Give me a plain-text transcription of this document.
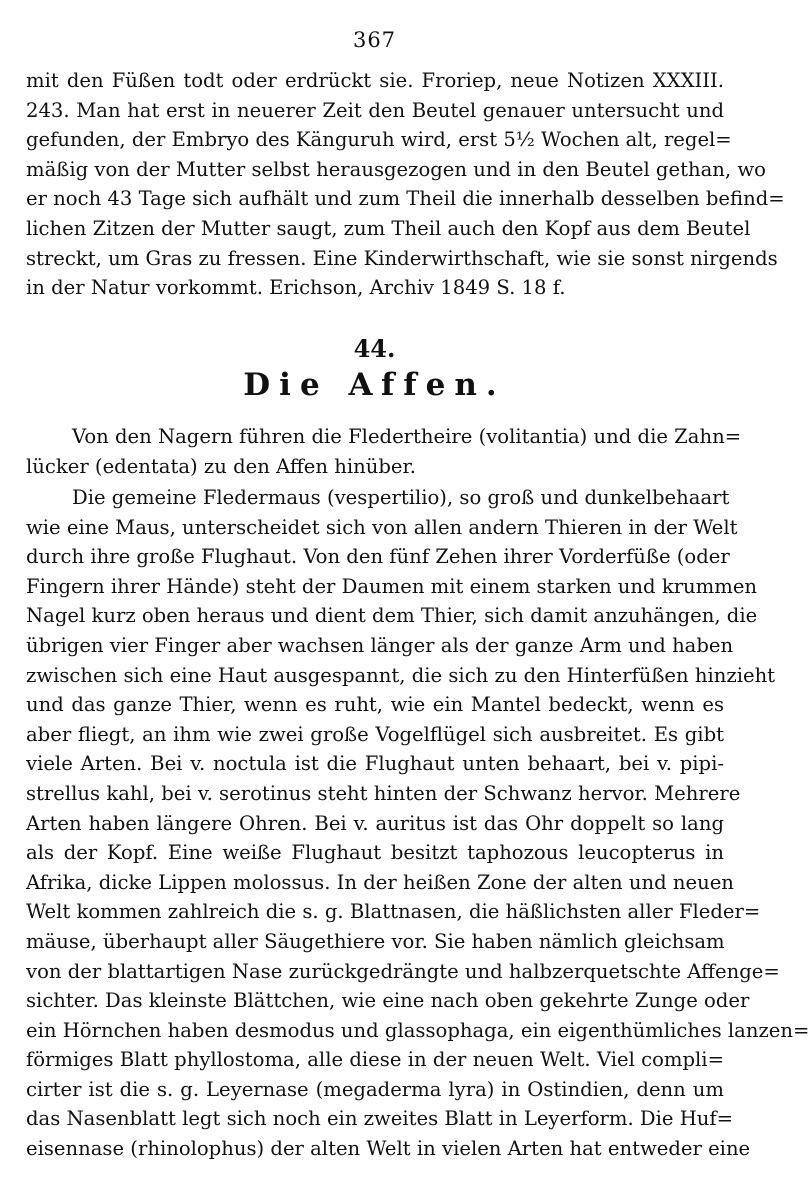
367
mit den Füßen todt oder erdrückt sie. Froriep, neue Notizen XXXIII.
243. Man hat erst in neuerer Zeit den Beutel genauer untersucht und
gefunden, der Embryo des Känguruh wird, erst 5½ Wochen alt, regel=
mäßig von der Mutter selbst herausgezogen und in den Beutel gethan, wo
er noch 43 Tage sich aufhält und zum Theil die innerhalb desselben befind=
lichen Zitzen der Mutter saugt, zum Theil auch den Kopf aus dem Beutel
streckt, um Gras zu fressen. Eine Kinderwirthschaft, wie sie sonst nirgends
in der Natur vorkommt. Erichson, Archiv 1849 S. 18 f.
44.
Die Affen.
Von den Nagern führen die Fledertheire (volitantia) und die Zahn=
lücker (edentata) zu den Affen hinüber.
Die gemeine Fledermaus (vespertilio), so groß und dunkelbehaart
wie eine Maus, unterscheidet sich von allen andern Thieren in der Welt
durch ihre große Flughaut. Von den fünf Zehen ihrer Vorderfüße (oder
Fingern ihrer Hände) steht der Daumen mit einem starken und krummen
Nagel kurz oben heraus und dient dem Thier, sich damit anzuhängen, die
übrigen vier Finger aber wachsen länger als der ganze Arm und haben
zwischen sich eine Haut ausgespannt, die sich zu den Hinterfüßen hinzieht
und das ganze Thier, wenn es ruht, wie ein Mantel bedeckt, wenn es
aber fliegt, an ihm wie zwei große Vogelflügel sich ausbreitet. Es gibt
viele Arten. Bei v. noctula ist die Flughaut unten behaart, bei v. pipi-
strellus kahl, bei v. serotinus steht hinten der Schwanz hervor. Mehrere
Arten haben längere Ohren. Bei v. auritus ist das Ohr doppelt so lang
als der Kopf. Eine weiße Flughaut besitzt taphozous leucopterus in
Afrika, dicke Lippen molossus. In der heißen Zone der alten und neuen
Welt kommen zahlreich die s. g. Blattnasen, die häßlichsten aller Fleder=
mäuse, überhaupt aller Säugethiere vor. Sie haben nämlich gleichsam
von der blattartigen Nase zurückgedrängte und halbzerquetschte Affenge=
sichter. Das kleinste Blättchen, wie eine nach oben gekehrte Zunge oder
ein Hörnchen haben desmodus und glassophaga, ein eigenthümliches lanzen=
förmiges Blatt phyllostoma, alle diese in der neuen Welt. Viel compli=
cirter ist die s. g. Leyernase (megaderma lyra) in Ostindien, denn um
das Nasenblatt legt sich noch ein zweites Blatt in Leyerform. Die Huf=
eisennase (rhinolophus) der alten Welt in vielen Arten hat entweder eine
